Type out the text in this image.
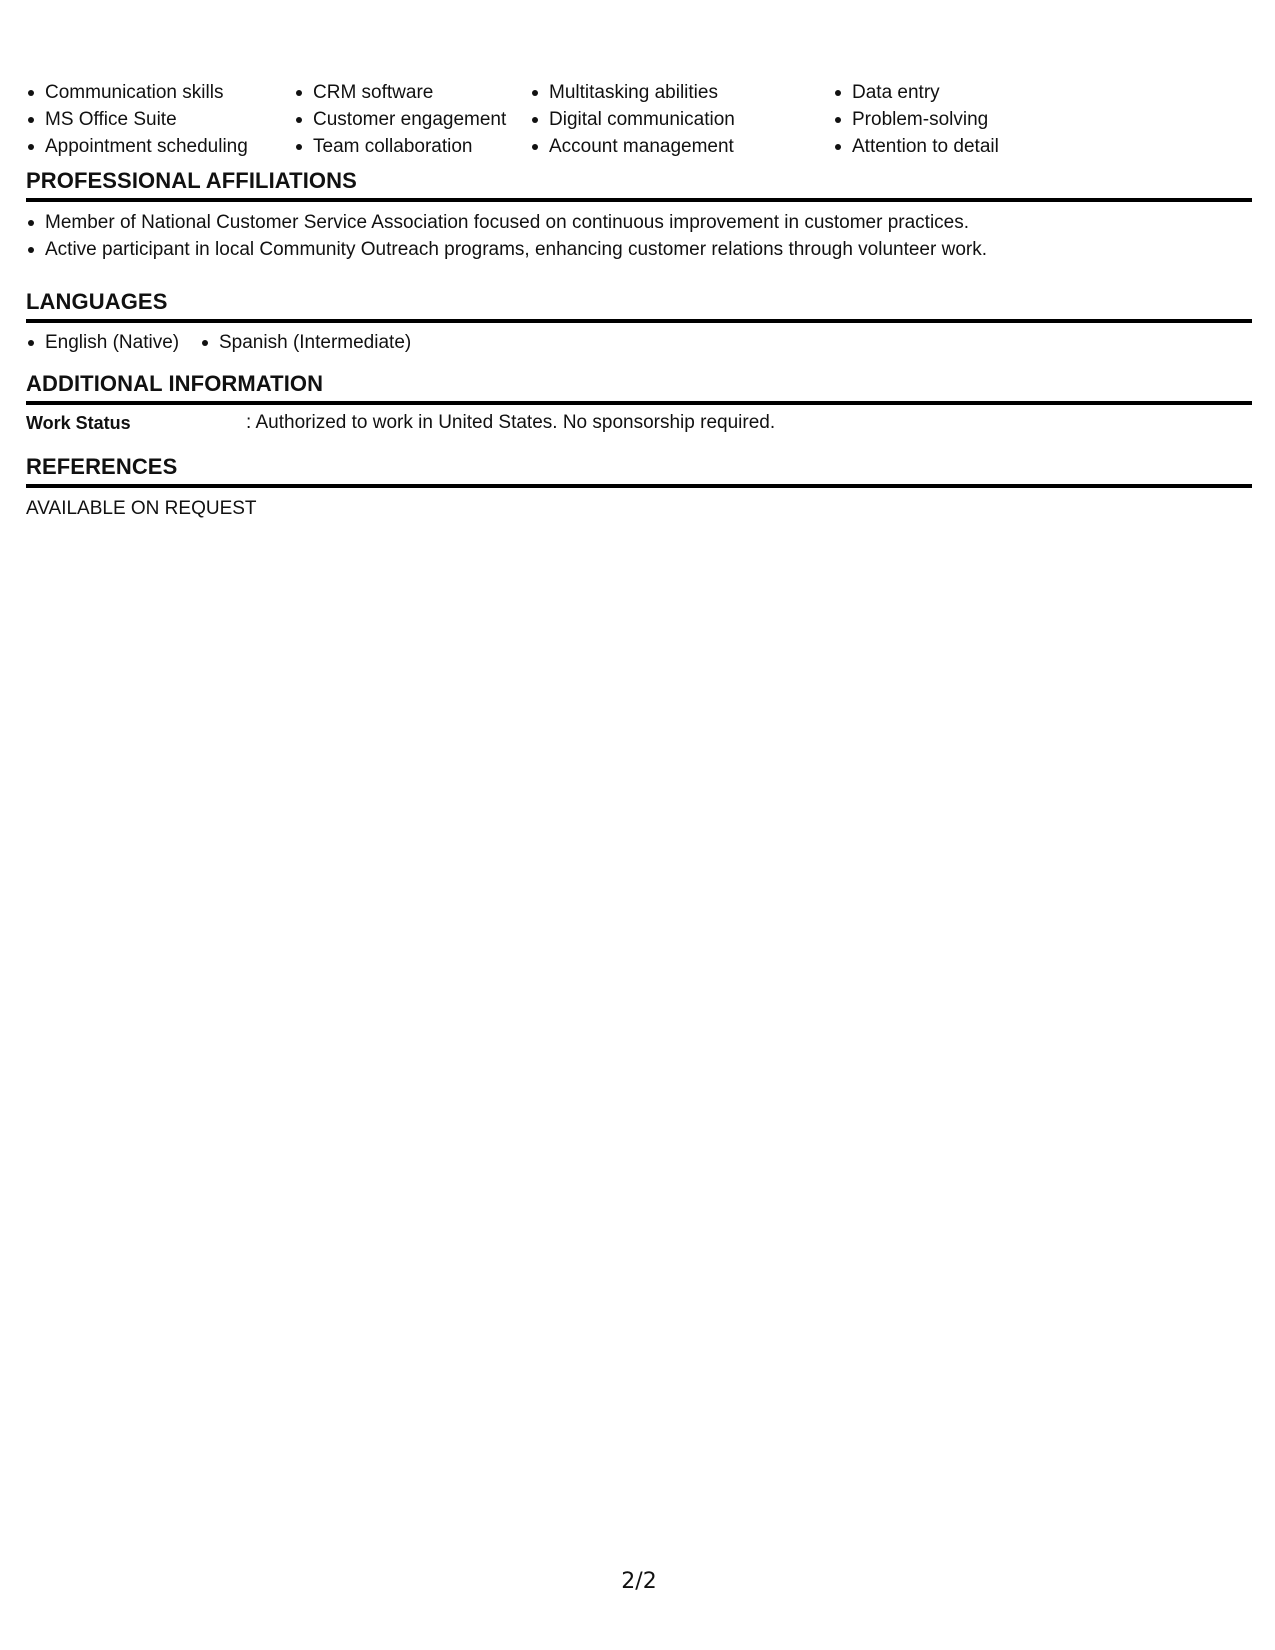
Communication skills
MS Office Suite
Appointment scheduling
CRM software
Customer engagement
Team collaboration
Multitasking abilities
Digital communication
Account management
Data entry
Problem-solving
Attention to detail
PROFESSIONAL AFFILIATIONS
Member of National Customer Service Association focused on continuous improvement in customer practices.
Active participant in local Community Outreach programs, enhancing customer relations through volunteer work.
LANGUAGES
English (Native)	Spanish (Intermediate)
ADDITIONAL INFORMATION
Work Status	: Authorized to work in United States. No sponsorship required.
REFERENCES
AVAILABLE ON REQUEST
2/2
